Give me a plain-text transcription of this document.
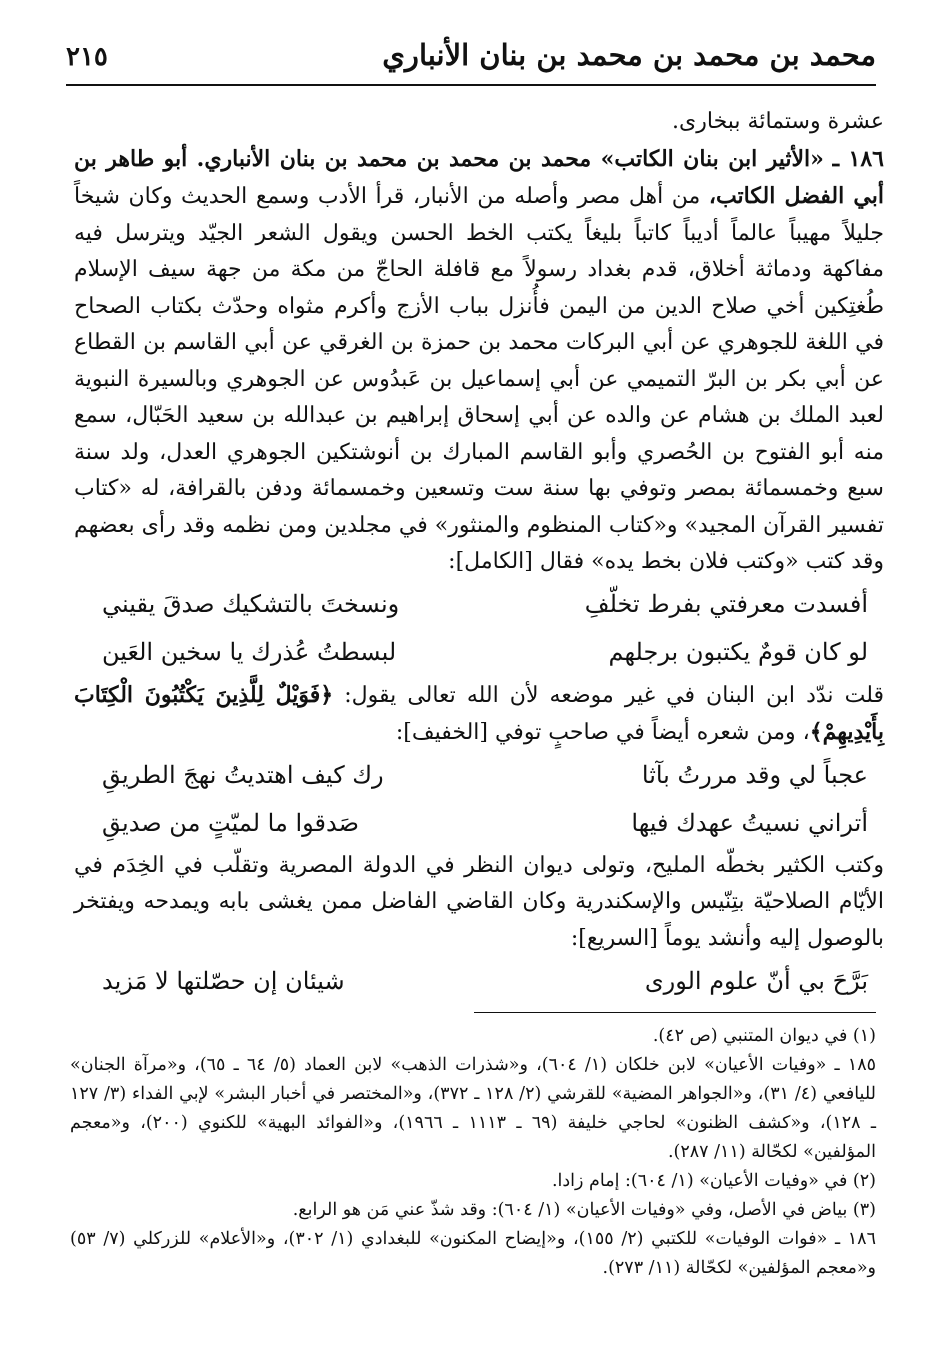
محمد بن محمد بن محمد بن بنان الأنباري
٢١٥

عشرة وستمائة ببخارى.

١٨٦ ـ «الأثير ابن بنان الكاتب» محمد بن محمد بن محمد بن بنان الأنباري. أبو طاهر بن أبي الفضل الكاتب، من أهل مصر وأصله من الأنبار، قرأ الأدب وسمع الحديث وكان شيخاً جليلاً مهيباً عالماً أديباً كاتباً بليغاً يكتب الخط الحسن ويقول الشعر الجيّد ويترسل فيه مفاكهة ودماثة أخلاق، قدم بغداد رسولاً مع قافلة الحاجّ من مكة من جهة سيف الإسلام طُغتِكين أخي صلاح الدين من اليمن فأُنزل بباب الأزج وأكرم مثواه وحدّث بكتاب الصحاح في اللغة للجوهري عن أبي البركات محمد بن حمزة بن الغرقي عن أبي القاسم بن القطاع عن أبي بكر بن البرّ التميمي عن أبي إسماعيل بن عَبدُوس عن الجوهري وبالسيرة النبوية لعبد الملك بن هشام عن والده عن أبي إسحاق إبراهيم بن عبدالله بن سعيد الحَبّال، سمع منه أبو الفتوح بن الحُصري وأبو القاسم المبارك بن أنوشتكين الجوهري العدل، ولد سنة سبع وخمسمائة بمصر وتوفي بها سنة ست وتسعين وخمسمائة ودفن بالقرافة، له «كتاب تفسير القرآن المجيد» و«كتاب المنظوم والمنثور» في مجلدين ومن نظمه وقد رأى بعضهم وقد كتب «وكتب فلان بخط يده» فقال [الكامل]:

أفسدت معرفتي بفرط تخلّفِ
ونسختَ بالتشكيك صدقَ يقيني
لو كان قومٌ يكتبون برجلهم
لبسطتُ عُذرك يا سخين العَين

قلت ندّد ابن البنان في غير موضعه لأن الله تعالى يقول: ﴿فَوَيْلٌ لِلَّذِينَ يَكْتُبُونَ الْكِتَابَ بِأَيْدِيهِمْ﴾، ومن شعره أيضاً في صاحبٍ توفي [الخفيف]:

عجباً لي وقد مررتُ بآثا
رك كيف اهتديتُ نهجَ الطريقِ
أتراني نسيتُ عهدك فيها
صَدقوا ما لميّتٍ من صديقِ

وكتب الكثير بخطّه المليح، وتولى ديوان النظر في الدولة المصرية وتقلّب في الخِدَم في الأيّام الصلاحيّة بتِنّيس والإسكندرية وكان القاضي الفاضل ممن يغشى بابه ويمدحه ويفتخر بالوصول إليه وأنشد يوماً [السريع]:

بَرَّحَ بي أنّ علوم الورى
شيئان إن حصّلتها لا مَزيد

(١) في ديوان المتنبي (ص ٤٢).

١٨٥ ـ «وفيات الأعيان» لابن خلكان (١/ ٦٠٤)، و«شذرات الذهب» لابن العماد (٥/ ٦٤ ـ ٦٥)، و«مرآة الجنان» لليافعي (٤/ ٣١)، و«الجواهر المضية» للقرشي (٢/ ١٢٨ ـ ٣٧٢)، و«المختصر في أخبار البشر» لإبي الفداء (٣/ ١٢٧ ـ ١٢٨)، و«كشف الظنون» لحاجي خليفة (٦٩ ـ ١١١٣ ـ ١٩٦٦)، و«الفوائد البهية» للكنوي (٢٠٠)، و«معجم المؤلفين» لكحّالة (١١/ ٢٨٧).

(٢) في «وفيات الأعيان» (١/ ٦٠٤): إمام زادا.

(٣) بياض في الأصل، وفي «وفيات الأعيان» (١/ ٦٠٤): وقد شذّ عني مَن هو الرابع.

١٨٦ ـ «فوات الوفيات» للكتبي (٢/ ١٥٥)، و«إيضاح المكنون» للبغدادي (١/ ٣٠٢)، و«الأعلام» للزركلي (٧/ ٥٣) و«معجم المؤلفين» لكحّالة (١١/ ٢٧٣).
